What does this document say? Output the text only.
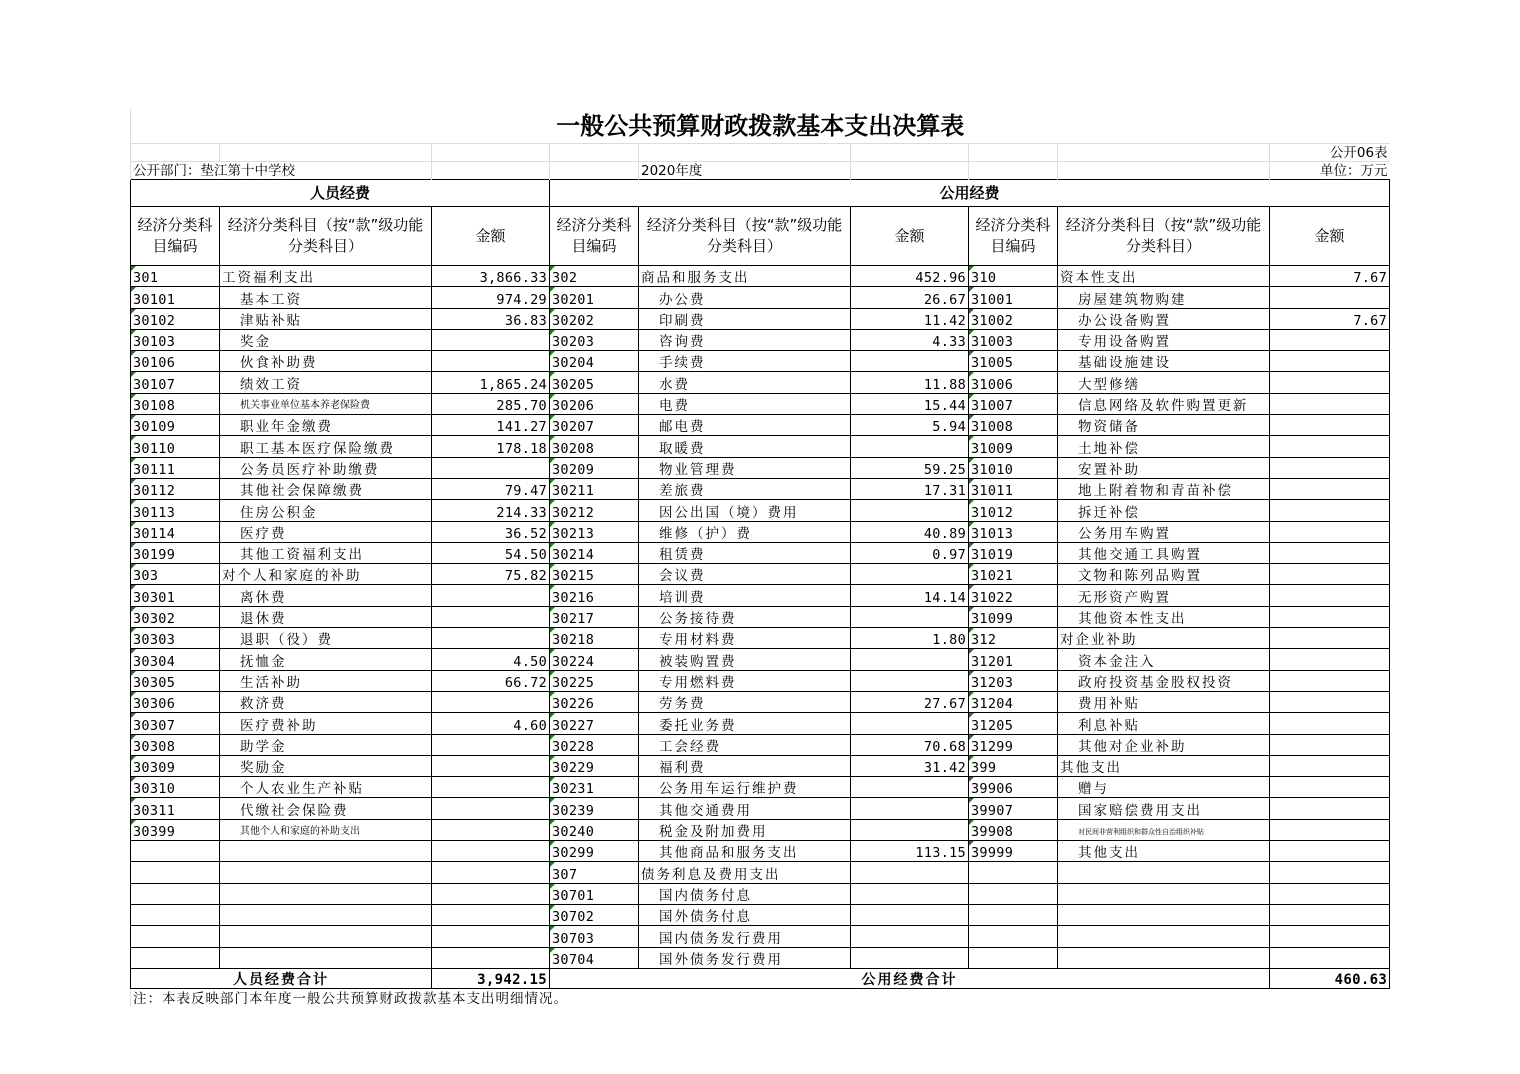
一般公共预算财政拨款基本支出决算表								
								公开06表
公开部门：垫江第十中学校				2020年度				单位：万元
人员经费			公用经费					
经济分类科目编码	经济分类科目（按“款”级功能分类科目）	金额	经济分类科目编码	经济分类科目（按“款”级功能分类科目）	金额	经济分类科目编码	经济分类科目（按“款”级功能分类科目）	金额
301	工资福利支出	3,866.33	302	商品和服务支出	452.96	310	资本性支出	7.67
30101	基本工资	974.29	30201	办公费	26.67	31001	房屋建筑物购建	
30102	津贴补贴	36.83	30202	印刷费	11.42	31002	办公设备购置	7.67
30103	奖金		30203	咨询费	4.33	31003	专用设备购置	
30106	伙食补助费		30204	手续费		31005	基础设施建设	
30107	绩效工资	1,865.24	30205	水费	11.88	31006	大型修缮	
30108	机关事业单位基本养老保险费	285.70	30206	电费	15.44	31007	信息网络及软件购置更新	
30109	职业年金缴费	141.27	30207	邮电费	5.94	31008	物资储备	
30110	职工基本医疗保险缴费	178.18	30208	取暖费		31009	土地补偿	
30111	公务员医疗补助缴费		30209	物业管理费	59.25	31010	安置补助	
30112	其他社会保障缴费	79.47	30211	差旅费	17.31	31011	地上附着物和青苗补偿	
30113	住房公积金	214.33	30212	因公出国（境）费用		31012	拆迁补偿	
30114	医疗费	36.52	30213	维修（护）费	40.89	31013	公务用车购置	
30199	其他工资福利支出	54.50	30214	租赁费	0.97	31019	其他交通工具购置	
303	对个人和家庭的补助	75.82	30215	会议费		31021	文物和陈列品购置	
30301	离休费		30216	培训费	14.14	31022	无形资产购置	
30302	退休费		30217	公务接待费		31099	其他资本性支出	
30303	退职（役）费		30218	专用材料费	1.80	312	对企业补助	
30304	抚恤金	4.50	30224	被装购置费		31201	资本金注入	
30305	生活补助	66.72	30225	专用燃料费		31203	政府投资基金股权投资	
30306	救济费		30226	劳务费	27.67	31204	费用补贴	
30307	医疗费补助	4.60	30227	委托业务费		31205	利息补贴	
30308	助学金		30228	工会经费	70.68	31299	其他对企业补助	
30309	奖励金		30229	福利费	31.42	399	其他支出	
30310	个人农业生产补贴		30231	公务用车运行维护费		39906	赠与	
30311	代缴社会保险费		30239	其他交通费用		39907	国家赔偿费用支出	
30399	其他个人和家庭的补助支出		30240	税金及附加费用		39908	对民间非营利组织和群众性自治组织补贴	
			30299	其他商品和服务支出	113.15	39999	其他支出	
			307	债务利息及费用支出				
			30701	国内债务付息				
			30702	国外债务付息				
			30703	国内债务发行费用				
			30704	国外债务发行费用				
人员经费合计		3,942.15	公用经费合计					460.63
注：本表反映部门本年度一般公共预算财政拨款基本支出明细情况。								
